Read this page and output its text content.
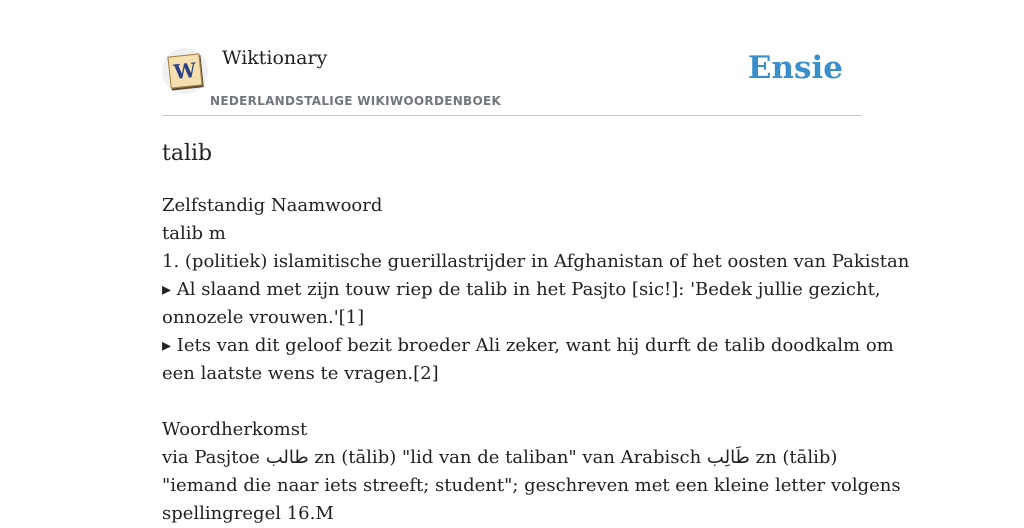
W Wiktionary
NEDERLANDSTALIGE WIKIWOORDENBOEK
Ensie
talib
Zelfstandig Naamwoord
talib m
1. (politiek) islamitische guerillastrijder in Afghanistan of het oosten van Pakistan
▸ Al slaand met zijn touw riep de talib in het Pasjto [sic!]: 'Bedek jullie gezicht,
onnozele vrouwen.'[1]
▸ Iets van dit geloof bezit broeder Ali zeker, want hij durft de talib doodkalm om
een laatste wens te vragen.[2]
Woordherkomst
via Pasjtoe طالب zn (tālib) "lid van de taliban" van Arabisch طَالِب zn (tālib)
"iemand die naar iets streeft; student"; geschreven met een kleine letter volgens
spellingregel 16.M
